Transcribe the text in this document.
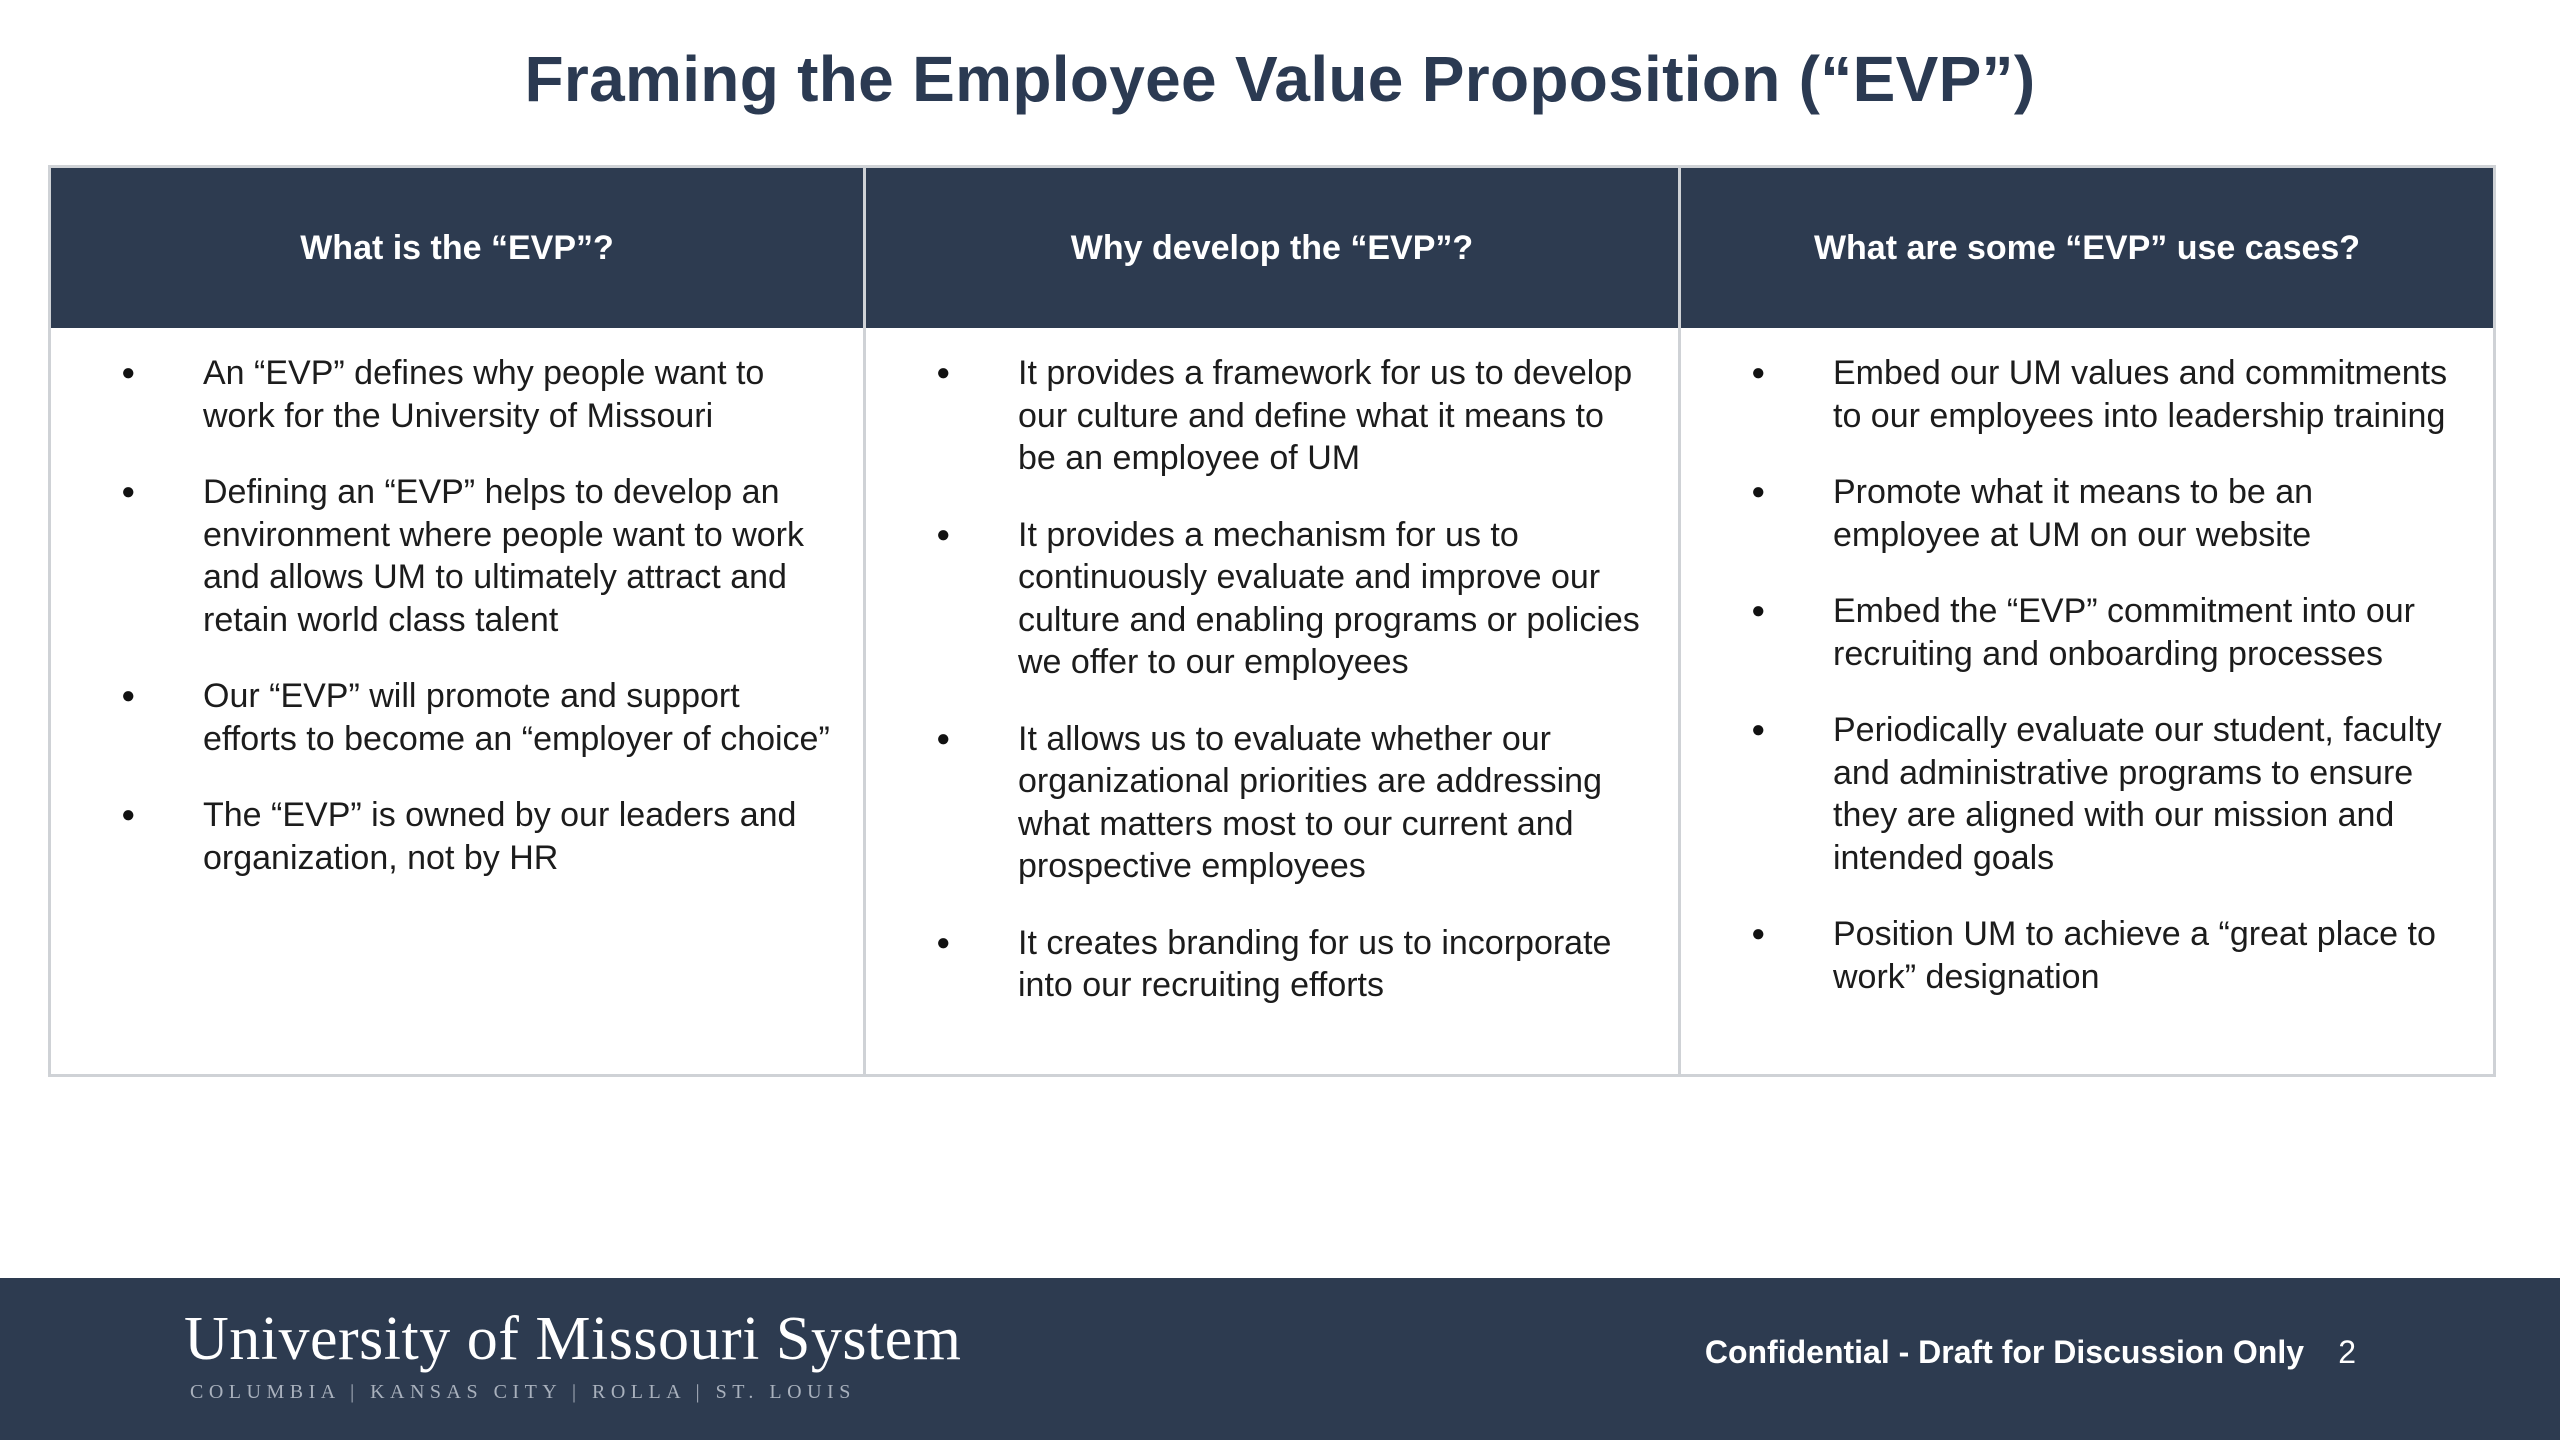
Framing the Employee Value Proposition (“EVP”)
What is the “EVP”?
● An “EVP” defines why people want to work for the University of Missouri
● Defining an “EVP” helps to develop an environment where people want to work and allows UM to ultimately attract and retain world class talent
● Our “EVP” will promote and support efforts to become an “employer of choice”
● The “EVP” is owned by our leaders and organization, not by HR
Why develop the “EVP”?
● It provides a framework for us to develop our culture and define what it means to be an employee of UM
● It provides a mechanism for us to continuously evaluate and improve our culture and enabling programs or policies we offer to our employees
● It allows us to evaluate whether our organizational priorities are addressing what matters most to our current and prospective employees
● It creates branding for us to incorporate into our recruiting efforts
What are some “EVP” use cases?
● Embed our UM values and commitments to our employees into leadership training
● Promote what it means to be an employee at UM on our website
● Embed the “EVP” commitment into our recruiting and onboarding processes
● Periodically evaluate our student, faculty and administrative programs to ensure they are aligned with our mission and intended goals
● Position UM to achieve a “great place to work” designation
University of Missouri System
COLUMBIA | KANSAS CITY | ROLLA | ST. LOUIS
Confidential - Draft for Discussion Only 2
